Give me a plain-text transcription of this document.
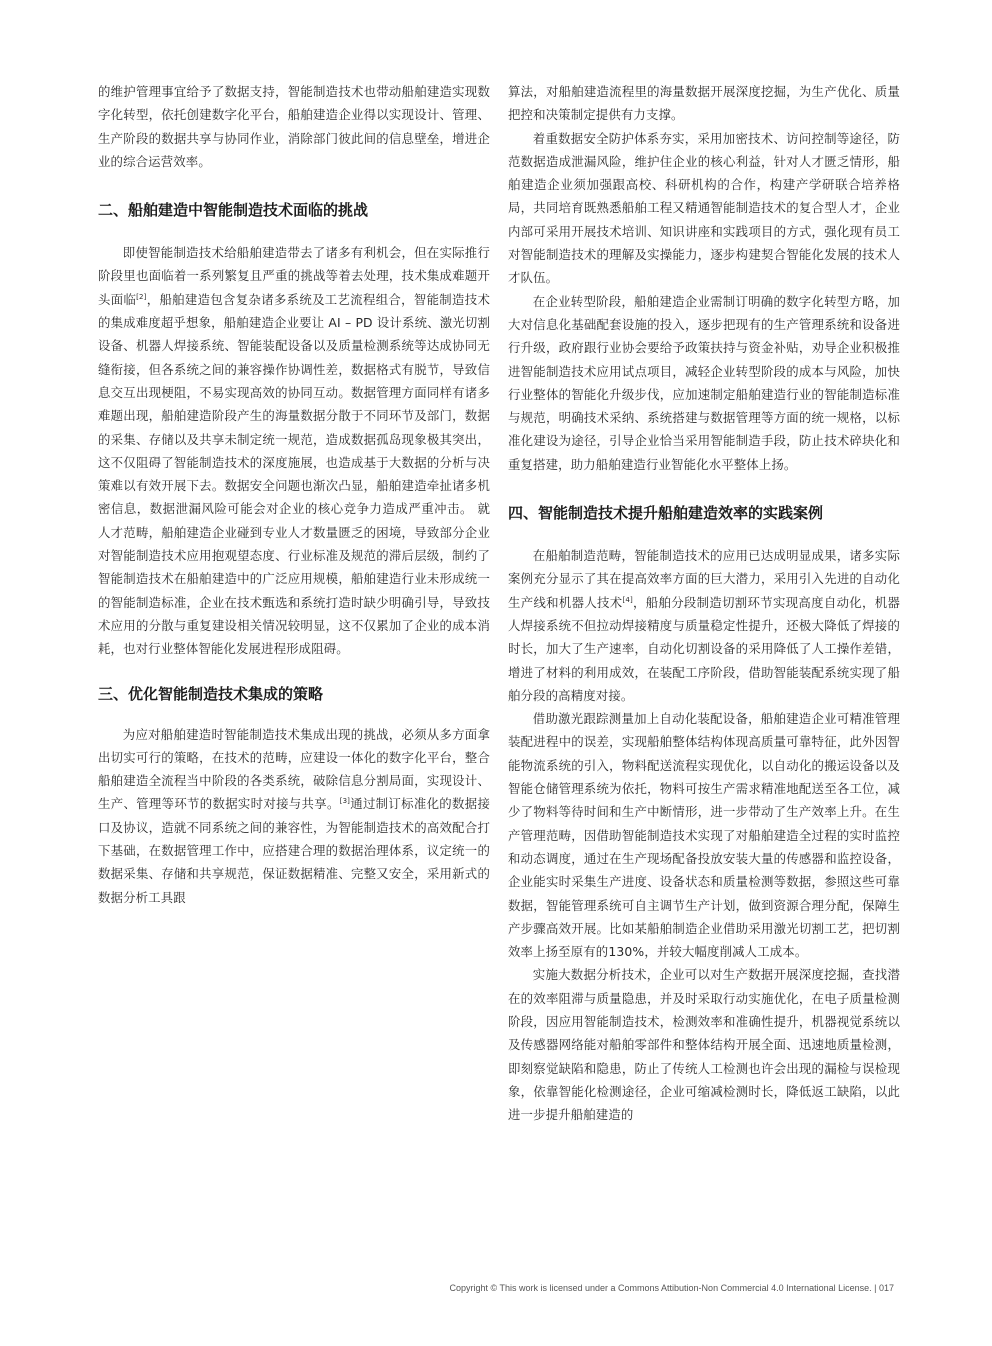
的维护管理事宜给予了数据支持，智能制造技术也带动船舶建造实现数字化转型，依托创建数字化平台，船舶建造企业得以实现设计、管理、生产阶段的数据共享与协同作业，消除部门彼此间的信息壁垒，增进企业的综合运营效率。

二、船舶建造中智能制造技术面临的挑战

即使智能制造技术给船舶建造带去了诸多有利机会，但在实际推行阶段里也面临着一系列繁复且严重的挑战等着去处理，技术集成难题开头面临[2]，船舶建造包含复杂诸多系统及工艺流程组合，智能制造技术的集成难度超乎想象，船舶建造企业要让 AI – PD 设计系统、激光切割设备、机器人焊接系统、智能装配设备以及质量检测系统等达成协同无缝衔接，但各系统之间的兼容操作协调性差，数据格式有脱节，导致信息交互出现梗阻，不易实现高效的协同互动。数据管理方面同样有诸多难题出现，船舶建造阶段产生的海量数据分散于不同环节及部门，数据的采集、存储以及共享未制定统一规范，造成数据孤岛现象极其突出，这不仅阻碍了智能制造技术的深度施展，也造成基于大数据的分析与决策难以有效开展下去。数据安全问题也渐次凸显，船舶建造牵扯诸多机密信息，数据泄漏风险可能会对企业的核心竞争力造成严重冲击。 就人才范畴，船舶建造企业碰到专业人才数量匮乏的困境，导致部分企业对智能制造技术应用抱观望态度、行业标准及规范的滞后层级，制约了智能制造技术在船舶建造中的广泛应用规模，船舶建造行业未形成统一的智能制造标准，企业在技术甄选和系统打造时缺少明确引导，导致技术应用的分散与重复建设相关情况较明显，这不仅累加了企业的成本消耗，也对行业整体智能化发展进程形成阻碍。

三、优化智能制造技术集成的策略

为应对船舶建造时智能制造技术集成出现的挑战，必须从多方面拿出切实可行的策略，在技术的范畴，应建设一体化的数字化平台，整合船舶建造全流程当中阶段的各类系统，破除信息分割局面，实现设计、生产、管理等环节的数据实时对接与共享。[3]通过制订标准化的数据接口及协议，造就不同系统之间的兼容性，为智能制造技术的高效配合打下基础，在数据管理工作中，应搭建合理的数据治理体系，议定统一的数据采集、存储和共享规范，保证数据精准、完整又安全，采用新式的数据分析工具跟

算法，对船舶建造流程里的海量数据开展深度挖掘，为生产优化、质量把控和决策制定提供有力支撑。

着重数据安全防护体系夯实，采用加密技术、访问控制等途径，防范数据造成泄漏风险，维护住企业的核心利益，针对人才匮乏情形，船舶建造企业须加强跟高校、科研机构的合作，构建产学研联合培养格局，共同培育既熟悉船舶工程又精通智能制造技术的复合型人才，企业内部可采用开展技术培训、知识讲座和实践项目的方式，强化现有员工对智能制造技术的理解及实操能力，逐步构建契合智能化发展的技术人才队伍。

在企业转型阶段，船舶建造企业需制订明确的数字化转型方略，加大对信息化基础配套设施的投入，逐步把现有的生产管理系统和设备进行升级，政府跟行业协会要给予政策扶持与资金补贴，劝导企业积极推进智能制造技术应用试点项目，减轻企业转型阶段的成本与风险，加快行业整体的智能化升级步伐，应加速制定船舶建造行业的智能制造标准与规范，明确技术采纳、系统搭建与数据管理等方面的统一规格，以标准化建设为途径，引导企业恰当采用智能制造手段，防止技术碎块化和重复搭建，助力船舶建造行业智能化水平整体上扬。

四、智能制造技术提升船舶建造效率的实践案例

在船舶制造范畴，智能制造技术的应用已达成明显成果，诸多实际案例充分显示了其在提高效率方面的巨大潜力，采用引入先进的自动化生产线和机器人技术[4]，船舶分段制造切割环节实现高度自动化，机器人焊接系统不但拉动焊接精度与质量稳定性提升，还极大降低了焊接的时长，加大了生产速率，自动化切割设备的采用降低了人工操作差错，增进了材料的利用成效，在装配工序阶段，借助智能装配系统实现了船舶分段的高精度对接。

借助激光跟踪测量加上自动化装配设备，船舶建造企业可精准管理装配进程中的误差，实现船舶整体结构体现高质量可靠特征，此外因智能物流系统的引入，物料配送流程实现优化，以自动化的搬运设备以及智能仓储管理系统为依托，物料可按生产需求精准地配送至各工位，减少了物料等待时间和生产中断情形，进一步带动了生产效率上升。在生产管理范畴，因借助智能制造技术实现了对船舶建造全过程的实时监控和动态调度，通过在生产现场配备投放安装大量的传感器和监控设备，企业能实时采集生产进度、设备状态和质量检测等数据，参照这些可靠数据，智能管理系统可自主调节生产计划，做到资源合理分配，保障生产步骤高效开展。比如某船舶制造企业借助采用激光切割工艺，把切割效率上扬至原有的130%，并较大幅度削减人工成本。

实施大数据分析技术，企业可以对生产数据开展深度挖掘，查找潜在的效率阻滞与质量隐患，并及时采取行动实施优化，在电子质量检测阶段，因应用智能制造技术，检测效率和准确性提升，机器视觉系统以及传感器网络能对船舶零部件和整体结构开展全面、迅速地质量检测，即刻察觉缺陷和隐患，防止了传统人工检测也许会出现的漏检与误检现象，依靠智能化检测途径，企业可缩减检测时长，降低返工缺陷，以此进一步提升船舶建造的

Copyright © This work is licensed under a Commons Attibution-Non Commercial 4.0 International License. | 017
